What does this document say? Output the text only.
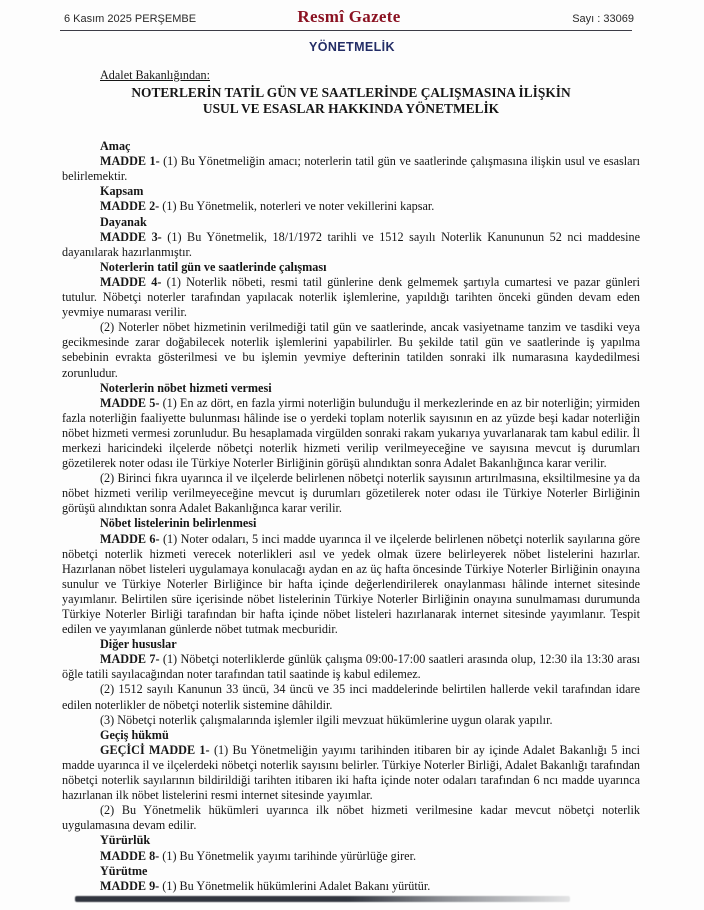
6 Kasım 2025 PERŞEMBE	Resmî Gazete	Sayı : 33069
YÖNETMELİK
Adalet Bakanlığından:
NOTERLERİN TATİL GÜN VE SAATLERİNDE ÇALIŞMASINA İLİŞKİN
USUL VE ESASLAR HAKKINDA YÖNETMELİK

Amaç

MADDE 1- (1) Bu Yönetmeliğin amacı; noterlerin tatil gün ve saatlerinde çalışmasına ilişkin usul ve esasları belirlemektir.

Kapsam

MADDE 2- (1) Bu Yönetmelik, noterleri ve noter vekillerini kapsar.

Dayanak

MADDE 3- (1) Bu Yönetmelik, 18/1/1972 tarihli ve 1512 sayılı Noterlik Kanununun 52 nci maddesine dayanılarak hazırlanmıştır.

Noterlerin tatil gün ve saatlerinde çalışması

MADDE 4- (1) Noterlik nöbeti, resmi tatil günlerine denk gelmemek şartıyla cumartesi ve pazar günleri tutulur. Nöbetçi noterler tarafından yapılacak noterlik işlemlerine, yapıldığı tarihten önceki günden devam eden yevmiye numarası verilir.

(2) Noterler nöbet hizmetinin verilmediği tatil gün ve saatlerinde, ancak vasiyetname tanzim ve tasdiki veya gecikmesinde zarar doğabilecek noterlik işlemlerini yapabilirler. Bu şekilde tatil gün ve saatlerinde iş yapılma sebebinin evrakta gösterilmesi ve bu işlemin yevmiye defterinin tatilden sonraki ilk numarasına kaydedilmesi zorunludur.

Noterlerin nöbet hizmeti vermesi

MADDE 5- (1) En az dört, en fazla yirmi noterliğin bulunduğu il merkezlerinde en az bir noterliğin; yirmiden fazla noterliğin faaliyette bulunması hâlinde ise o yerdeki toplam noterlik sayısının en az yüzde beşi kadar noterliğin nöbet hizmeti vermesi zorunludur. Bu hesaplamada virgülden sonraki rakam yukarıya yuvarlanarak tam kabul edilir. İl merkezi haricindeki ilçelerde nöbetçi noterlik hizmeti verilip verilmeyeceğine ve sayısına mevcut iş durumları gözetilerek noter odası ile Türkiye Noterler Birliğinin görüşü alındıktan sonra Adalet Bakanlığınca karar verilir.

(2) Birinci fıkra uyarınca il ve ilçelerde belirlenen nöbetçi noterlik sayısının artırılmasına, eksiltilmesine ya da nöbet hizmeti verilip verilmeyeceğine mevcut iş durumları gözetilerek noter odası ile Türkiye Noterler Birliğinin görüşü alındıktan sonra Adalet Bakanlığınca karar verilir.

Nöbet listelerinin belirlenmesi

MADDE 6- (1) Noter odaları, 5 inci madde uyarınca il ve ilçelerde belirlenen nöbetçi noterlik sayılarına göre nöbetçi noterlik hizmeti verecek noterlikleri asıl ve yedek olmak üzere belirleyerek nöbet listelerini hazırlar. Hazırlanan nöbet listeleri uygulamaya konulacağı aydan en az üç hafta öncesinde Türkiye Noterler Birliğinin onayına sunulur ve Türkiye Noterler Birliğince bir hafta içinde değerlendirilerek onaylanması hâlinde internet sitesinde yayımlanır. Belirtilen süre içerisinde nöbet listelerinin Türkiye Noterler Birliğinin onayına sunulmaması durumunda Türkiye Noterler Birliği tarafından bir hafta içinde nöbet listeleri hazırlanarak internet sitesinde yayımlanır. Tespit edilen ve yayımlanan günlerde nöbet tutmak mecburidir.

Diğer hususlar

MADDE 7- (1) Nöbetçi noterliklerde günlük çalışma 09:00-17:00 saatleri arasında olup, 12:30 ila 13:30 arası öğle tatili sayılacağından noter tarafından tatil saatinde iş kabul edilemez.

(2) 1512 sayılı Kanunun 33 üncü, 34 üncü ve 35 inci maddelerinde belirtilen hallerde vekil tarafından idare edilen noterlikler de nöbetçi noterlik sistemine dâhildir.

(3) Nöbetçi noterlik çalışmalarında işlemler ilgili mevzuat hükümlerine uygun olarak yapılır.

Geçiş hükmü

GEÇİCİ MADDE 1- (1) Bu Yönetmeliğin yayımı tarihinden itibaren bir ay içinde Adalet Bakanlığı 5 inci madde uyarınca il ve ilçelerdeki nöbetçi noterlik sayısını belirler. Türkiye Noterler Birliği, Adalet Bakanlığı tarafından nöbetçi noterlik sayılarının bildirildiği tarihten itibaren iki hafta içinde noter odaları tarafından 6 ncı madde uyarınca hazırlanan ilk nöbet listelerini resmi internet sitesinde yayımlar.

(2) Bu Yönetmelik hükümleri uyarınca ilk nöbet hizmeti verilmesine kadar mevcut nöbetçi noterlik uygulamasına devam edilir.

Yürürlük

MADDE 8- (1) Bu Yönetmelik yayımı tarihinde yürürlüğe girer.

Yürütme

MADDE 9- (1) Bu Yönetmelik hükümlerini Adalet Bakanı yürütür.
